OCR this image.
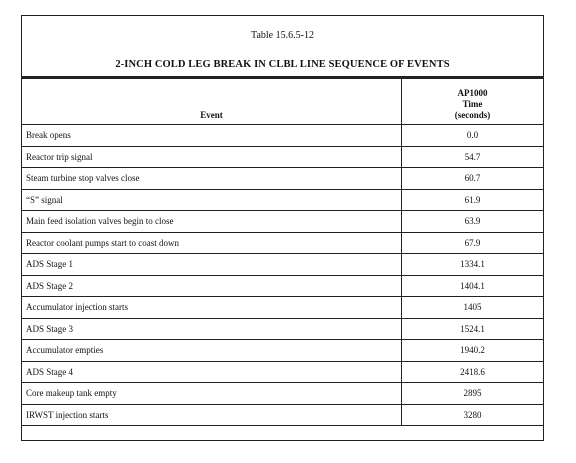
Table 15.6.5-12
2-INCH COLD LEG BREAK IN CLBL LINE SEQUENCE OF EVENTS
Event	AP1000
Time
(seconds)

Break opens	0.0
Reactor trip signal	54.7
Steam turbine stop valves close	60.7
“S” signal	61.9
Main feed isolation valves begin to close	63.9
Reactor coolant pumps start to coast down	67.9
ADS Stage 1	1334.1
ADS Stage 2	1404.1
Accumulator injection starts	1405
ADS Stage 3	1524.1
Accumulator empties	1940.2
ADS Stage 4	2418.6
Core makeup tank empty	2895
IRWST injection starts	3280
